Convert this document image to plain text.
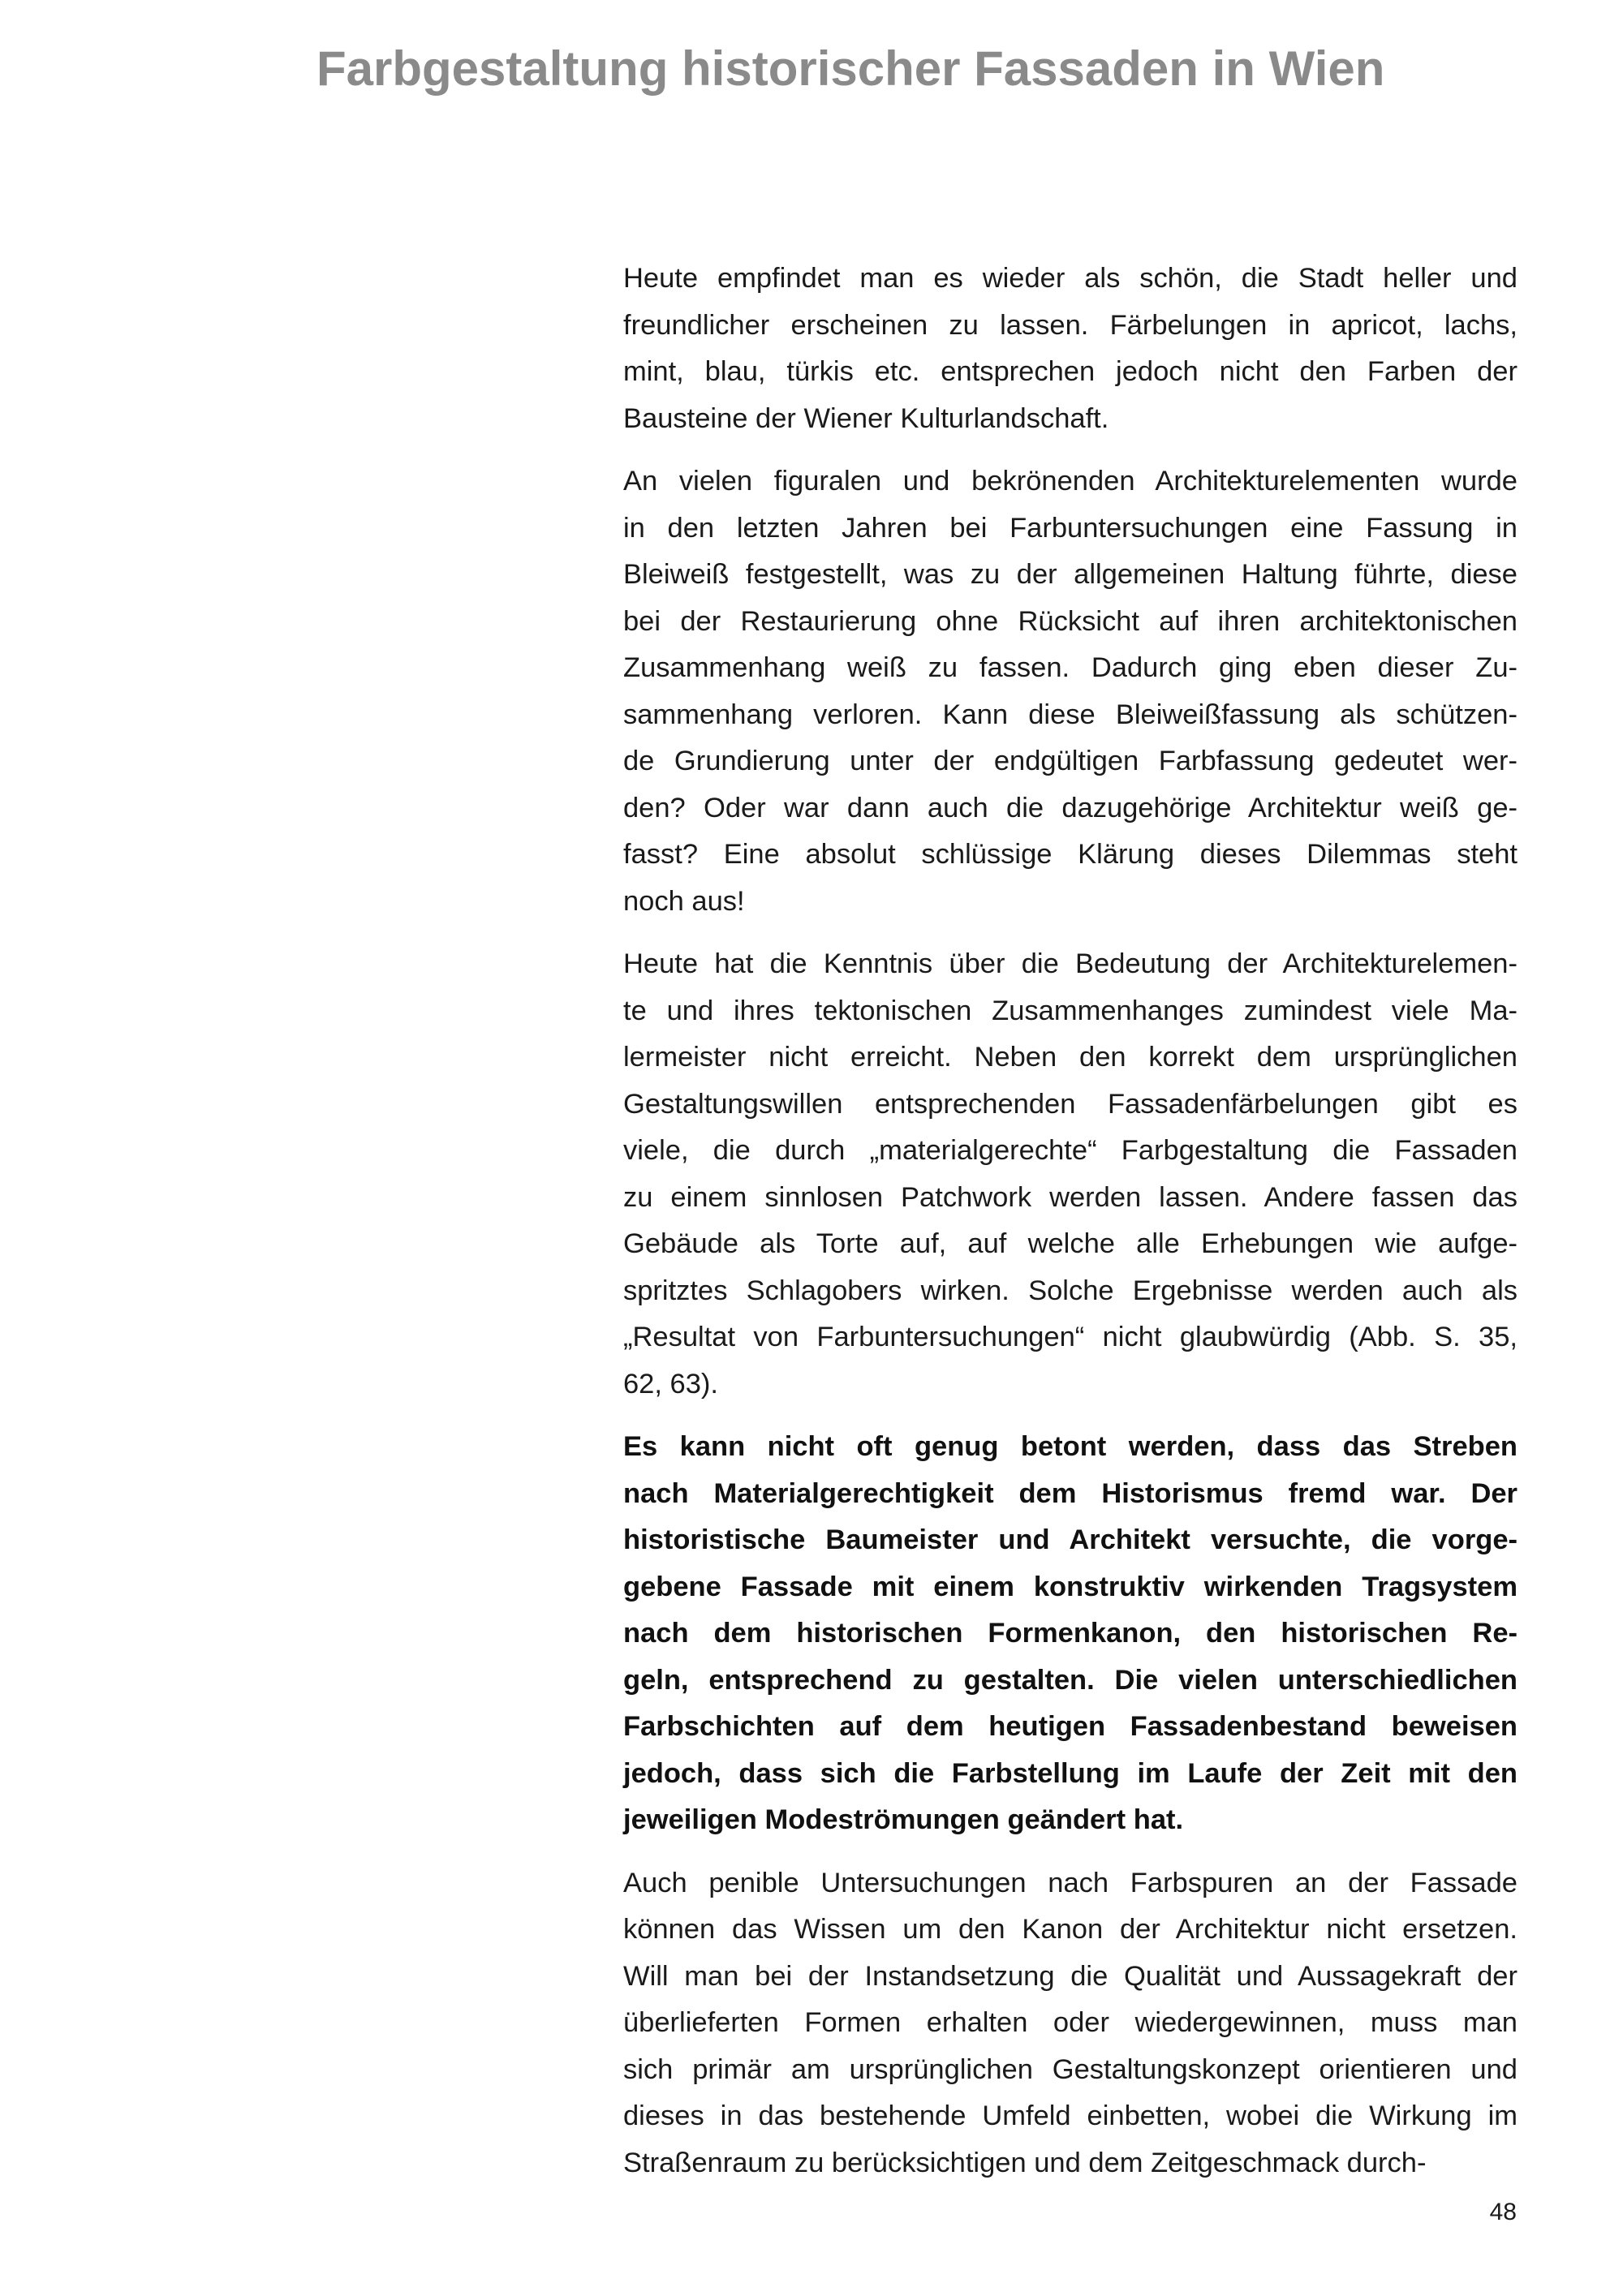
Farbgestaltung historischer Fassaden in Wien
Heute empfindet man es wieder als schön, die Stadt heller und
freundlicher erscheinen zu lassen. Färbelungen in apricot, lachs,
mint, blau, türkis etc. entsprechen jedoch nicht den Farben der
Bausteine der Wiener Kulturlandschaft.
An vielen figuralen und bekrönenden Architekturelementen wurde
in den letzten Jahren bei Farbuntersuchungen eine Fassung in
Bleiweiß festgestellt, was zu der allgemeinen Haltung führte, diese
bei der Restaurierung ohne Rücksicht auf ihren architektonischen
Zusammenhang weiß zu fassen. Dadurch ging eben dieser Zu-
sammenhang verloren. Kann diese Bleiweißfassung als schützen-
de Grundierung unter der endgültigen Farbfassung gedeutet wer-
den? Oder war dann auch die dazugehörige Architektur weiß ge-
fasst? Eine absolut schlüssige Klärung dieses Dilemmas steht
noch aus!
Heute hat die Kenntnis über die Bedeutung der Architekturelemen-
te und ihres tektonischen Zusammenhanges zumindest viele Ma-
lermeister nicht erreicht. Neben den korrekt dem ursprünglichen
Gestaltungswillen entsprechenden Fassadenfärbelungen gibt es
viele, die durch „materialgerechte“ Farbgestaltung die Fassaden
zu einem sinnlosen Patchwork werden lassen. Andere fassen das
Gebäude als Torte auf, auf welche alle Erhebungen wie aufge-
spritztes Schlagobers wirken. Solche Ergebnisse werden auch als
„Resultat von Farbuntersuchungen“ nicht glaubwürdig (Abb. S. 35,
62, 63).
Es kann nicht oft genug betont werden, dass das Streben
nach Materialgerechtigkeit dem Historismus fremd war. Der
historistische Baumeister und Architekt versuchte, die vorge-
gebene Fassade mit einem konstruktiv wirkenden Tragsystem
nach dem historischen Formenkanon, den historischen Re-
geln, entsprechend zu gestalten. Die vielen unterschiedlichen
Farbschichten auf dem heutigen Fassadenbestand beweisen
jedoch, dass sich die Farbstellung im Laufe der Zeit mit den
jeweiligen Modeströmungen geändert hat.
Auch penible Untersuchungen nach Farbspuren an der Fassade
können das Wissen um den Kanon der Architektur nicht ersetzen.
Will man bei der Instandsetzung die Qualität und Aussagekraft der
überlieferten Formen erhalten oder wiedergewinnen, muss man
sich primär am ursprünglichen Gestaltungskonzept orientieren und
dieses in das bestehende Umfeld einbetten, wobei die Wirkung im
Straßenraum zu berücksichtigen und dem Zeitgeschmack durch-
48
